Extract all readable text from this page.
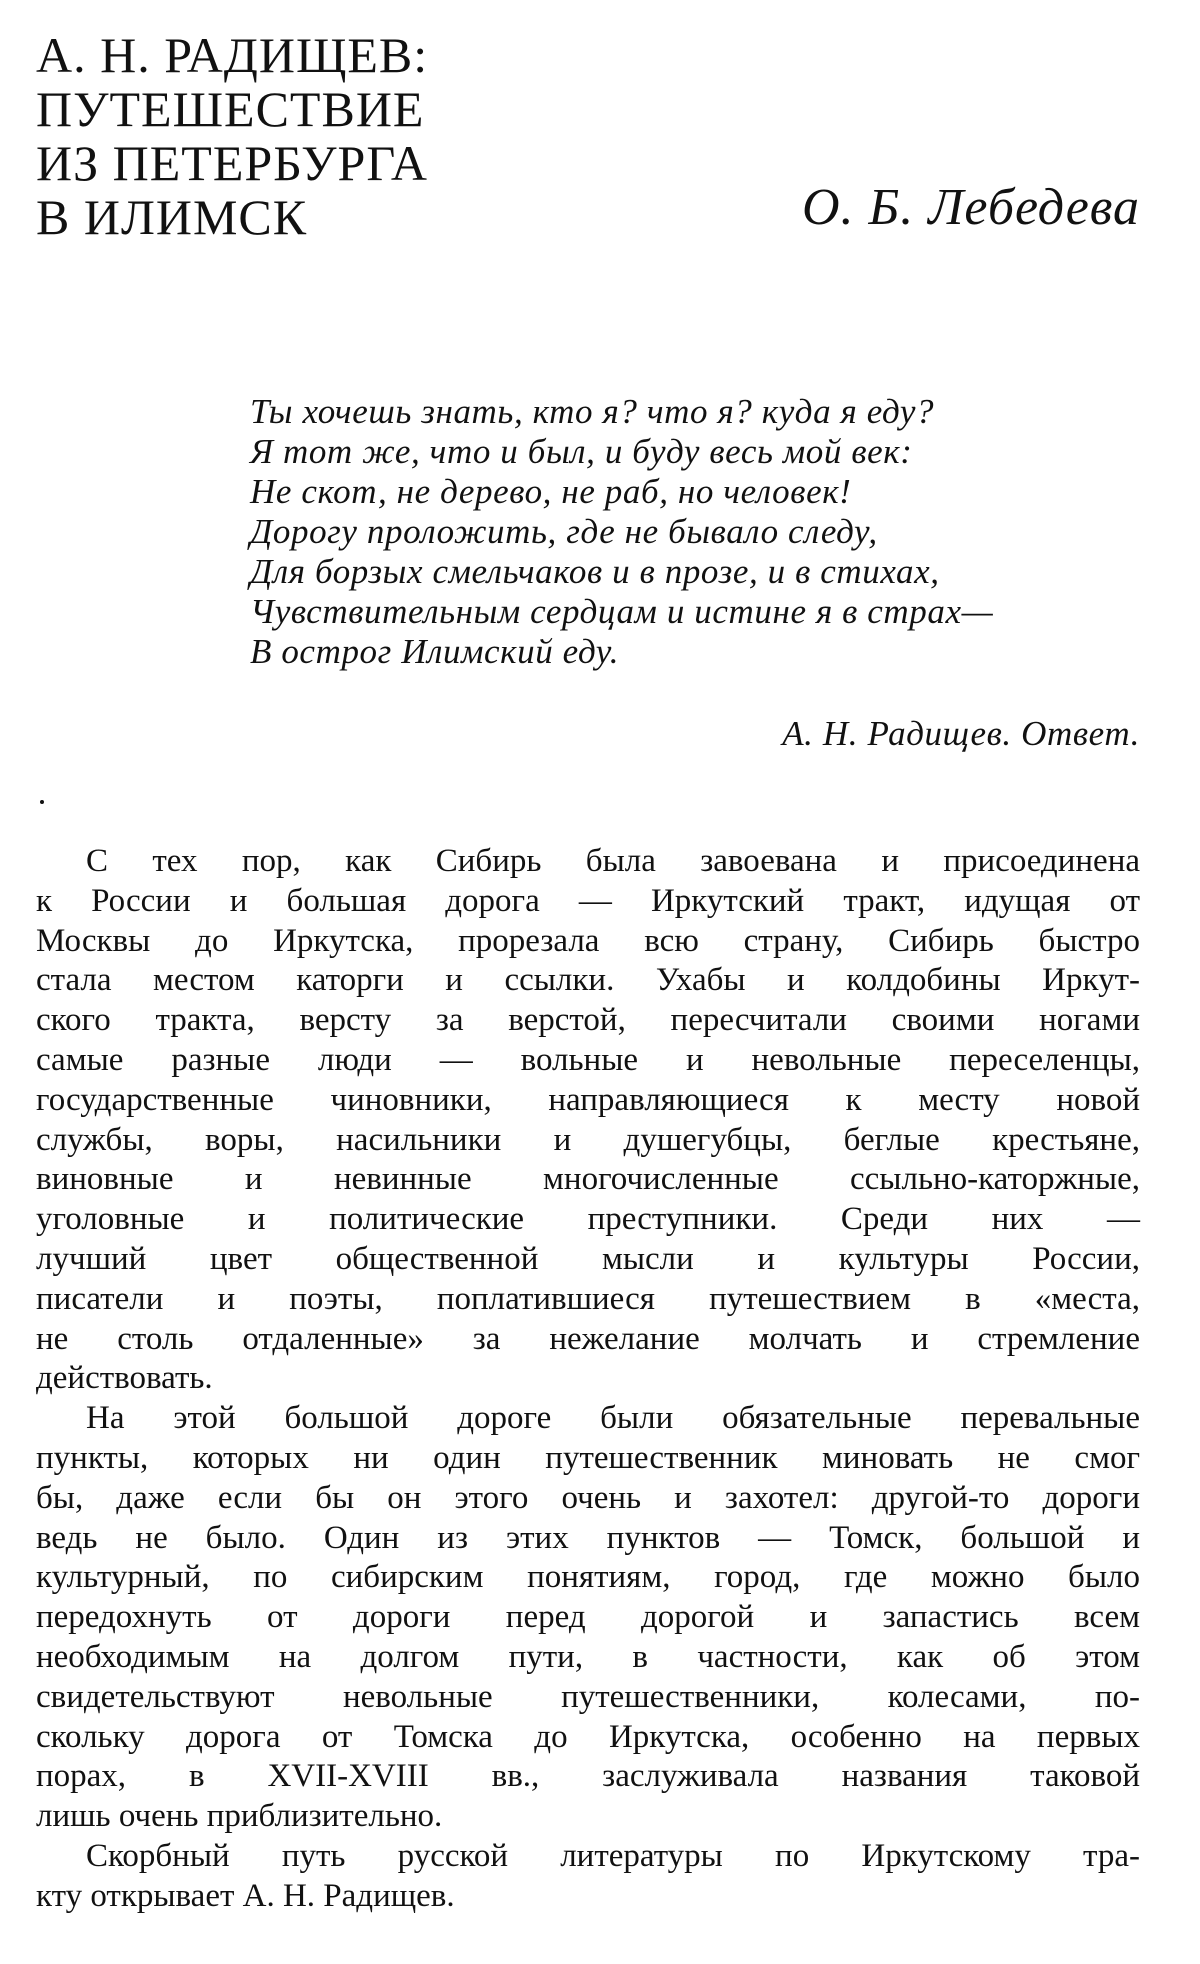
А. Н. РАДИЩЕВ:
ПУТЕШЕСТВИЕ
ИЗ ПЕТЕРБУРГА
В ИЛИМСК	О. Б. Лебедева
Ты хочешь знать, кто я? что я? куда я еду?
Я тот же, что и был, и буду весь мой век:
Не скот, не дерево, не раб, но человек!
Дорогу проложить, где не бывало следу,
Для борзых смельчаков и в прозе, и в стихах,
Чувствительным сердцам и истине я в страх—
В острог Илимский еду.
А. Н. Радищев. Ответ.
С тех пор, как Сибирь была завоевана и присоединена
к России и большая дорога — Иркутский тракт, идущая от
Москвы до Иркутска, прорезала всю страну, Сибирь быстро
стала местом каторги и ссылки. Ухабы и колдобины Иркут-
ского тракта, версту за верстой, пересчитали своими ногами
самые разные люди — вольные и невольные переселенцы,
государственные чиновники, направляющиеся к месту новой
службы, воры, насильники и душегубцы, беглые крестьяне,
виновные и невинные многочисленные ссыльно-каторжные,
уголовные и политические преступники. Среди них —
лучший цвет общественной мысли и культуры России,
писатели и поэты, поплатившиеся путешествием в «места,
не столь отдаленные» за нежелание молчать и стремление
действовать.
На этой большой дороге были обязательные перевальные
пункты, которых ни один путешественник миновать не смог
бы, даже если бы он этого очень и захотел: другой-то дороги
ведь не было. Один из этих пунктов — Томск, большой и
культурный, по сибирским понятиям, город, где можно было
передохнуть от дороги перед дорогой и запастись всем
необходимым на долгом пути, в частности, как об этом
свидетельствуют невольные путешественники, колесами, по-
скольку дорога от Томска до Иркутска, особенно на первых
порах, в XVII-XVIII вв., заслуживала названия таковой
лишь очень приблизительно.
Скорбный путь русской литературы по Иркутскому тра-
кту открывает А. Н. Радищев.
